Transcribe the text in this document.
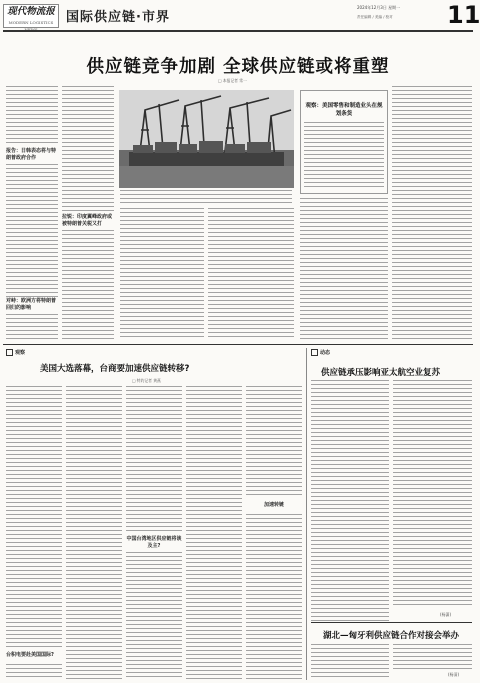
现代物流报
MODERN LOGISTICS 国际供应链·市界
2024年12月3日 星期一
责任编辑 / 美编 / 校对 11
供应链竞争加剧 全球供应链或将重塑
□ 本报记者 常一
报告：日韩表态将与特朗普政府合作
对峙：欧洲方将特朗普回归的影响
拉锐：印度翼峰政府或被特朗普关税又打
观察：美国零售和制造业头在规划条货
观察
美国大选落幕，台商要加速供应链转移?
□ 特约记者 黄燕
台积电要赴美国国际?
中国台湾地区供应链将谈及主?
加速转链
动态
供应链承压影响亚太航空业复苏
(杨潇)
湖北—匈牙利供应链合作对接会举办
(杨清)
